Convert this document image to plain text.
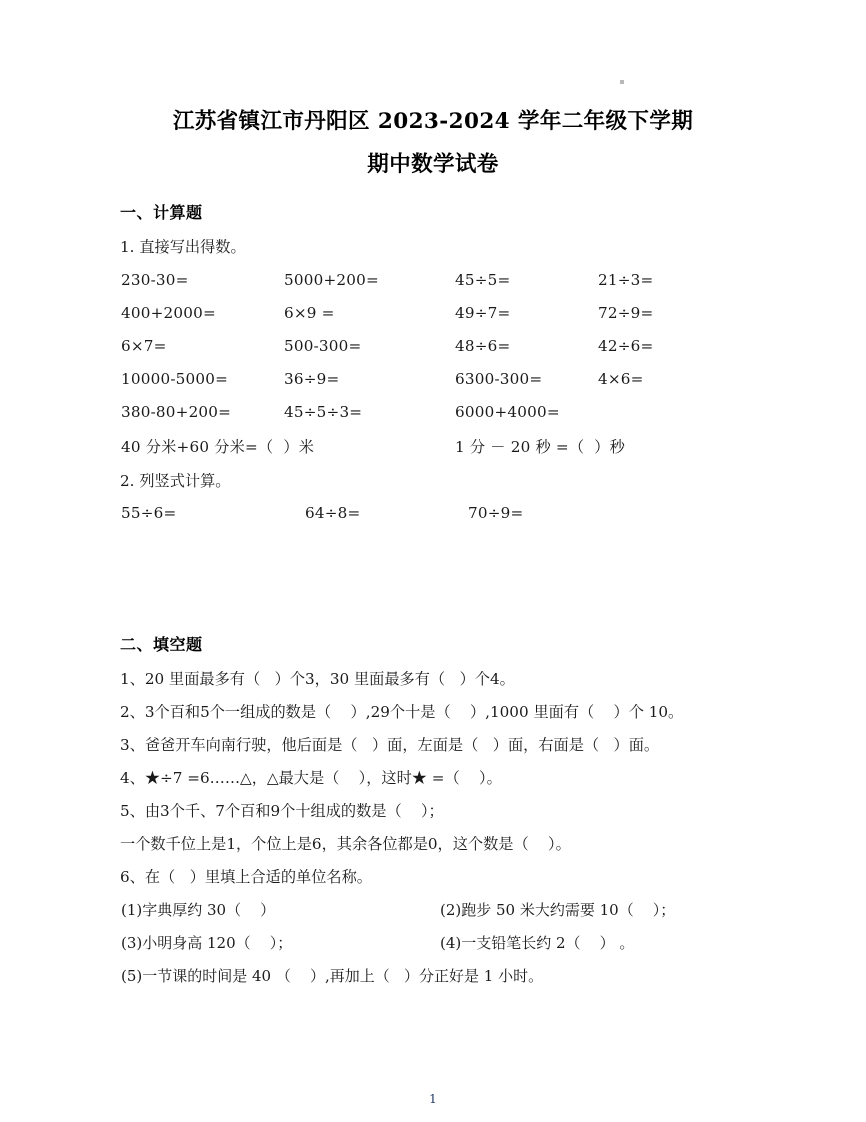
江苏省镇江市丹阳区 2023-2024 学年二年级下学期
期中数学试卷
一、计算题
1. 直接写出得数。
230-30=	5000+200=	45÷5=	21÷3=
400+2000=	6×9 =	49÷7=	72÷9=
6×7=	500-300=	48÷6=	42÷6=
10000-5000=	36÷9=	6300-300=	4×6=
380-80+200=	45÷5÷3=	6000+4000=
40 分米+60 分米=（  ）米	1 分 － 20 秒 =（  ）秒
2. 列竖式计算。
55÷6=	64÷8=	70÷9=
二、填空题
1、20 里面最多有（   ）个3，30 里面最多有（   ）个4。
2、3个百和5个一组成的数是（    ）,29个十是（    ）,1000 里面有（    ）个 10。
3、爸爸开车向南行驶，他后面是（   ）面，左面是（   ）面，右面是（   ）面。
4、★÷7 =6……△，△最大是（    ），这时★ =（    ）。
5、由3个千、7个百和9个十组成的数是（    ）；
一个数千位上是1，个位上是6，其余各位都是0，这个数是（    ）。
6、在（   ）里填上合适的单位名称。
(1)字典厚约 30（    ）	(2)跑步 50 米大约需要 10（    ）；
(3)小明身高 120（    ）；	(4)一支铅笔长约 2（    ） 。
(5)一节课的时间是 40 （    ）,再加上（   ）分正好是 1 小时。
1
